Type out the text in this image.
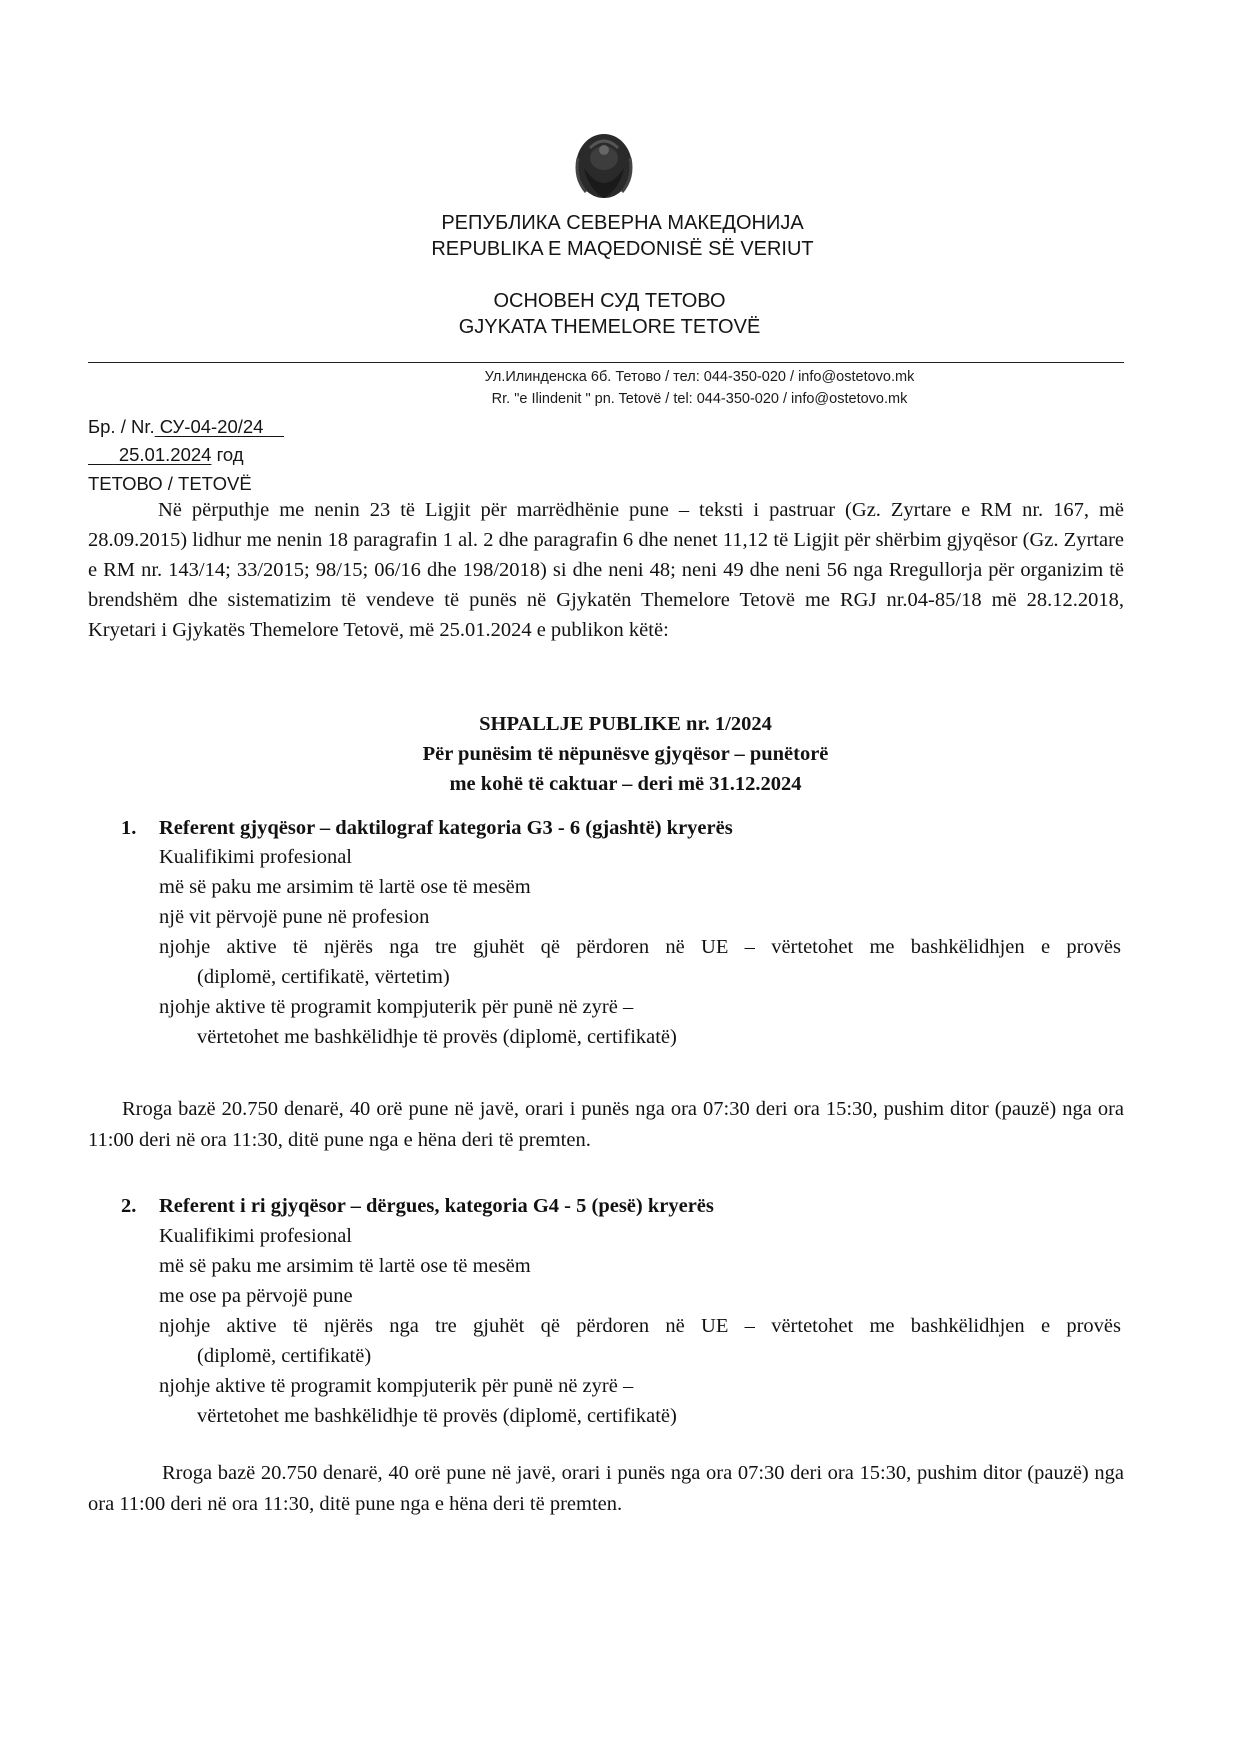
РЕПУБЛИКА СЕВЕРНА МАКЕДОНИЈА
REPUBLIKA E MAQEDONISË SË VERIUT
ОСНОВЕН СУД ТЕТОВО
GJYKATA THEMELORE TETOVË
Ул.Илинденска 6б. Тетово / тел: 044-350-020 / info@ostetovo.mk
Rr. "e Ilindenit " pn. Tetovë / tel: 044-350-020 / info@ostetovo.mk
Бр. / Nr. СУ-04-20/24
25.01.2024 год
ТЕТОВО / TETOVË
Në përputhje me nenin 23 të Ligjit për marrëdhënie pune – teksti i pastruar (Gz. Zyrtare e RM nr. 167, më 28.09.2015) lidhur me nenin 18 paragrafin 1 al. 2 dhe paragrafin 6 dhe nenet 11,12 të Ligjit për shërbim gjyqësor (Gz. Zyrtare e RM nr. 143/14; 33/2015; 98/15; 06/16 dhe 198/2018) si dhe neni 48; neni 49 dhe neni 56 nga Rregullorja për organizim të brendshëm dhe sistematizim të vendeve të punës në Gjykatën Themelore Tetovë me RGJ nr.04-85/18 më 28.12.2018, Kryetari i Gjykatës Themelore Tetovë, më 25.01.2024 e publikon këtë:
SHPALLJE PUBLIKE nr. 1/2024
Për punësim të nëpunësve gjyqësor – punëtorë
me kohë të caktuar – deri më 31.12.2024
1. Referent gjyqësor – daktilograf kategoria G3 - 6 (gjashtë) kryerës
Kualifikimi profesional
më së paku me arsimim të lartë ose të mesëm
një vit përvojë pune në profesion
njohje aktive të njërës nga tre gjuhët që përdoren në UE – vërtetohet me bashkëlidhjen e provës
(diplomë, certifikatë, vërtetim)
njohje aktive të programit kompjuterik për punë në zyrë –
vërtetohet me bashkëlidhje të provës (diplomë, certifikatë)
Rroga bazë 20.750 denarë, 40 orë pune në javë, orari i punës nga ora 07:30 deri ora 15:30, pushim ditor (pauzë) nga ora 11:00 deri në ora 11:30, ditë pune nga e hëna deri të premten.
2. Referent i ri gjyqësor – dërgues, kategoria G4 - 5 (pesë) kryerës
Kualifikimi profesional
më së paku me arsimim të lartë ose të mesëm
me ose pa përvojë pune
njohje aktive të njërës nga tre gjuhët që përdoren në UE – vërtetohet me bashkëlidhjen e provës
(diplomë, certifikatë)
njohje aktive të programit kompjuterik për punë në zyrë –
vërtetohet me bashkëlidhje të provës (diplomë, certifikatë)
Rroga bazë 20.750 denarë, 40 orë pune në javë, orari i punës nga ora 07:30 deri ora 15:30, pushim ditor (pauzë) nga ora 11:00 deri në ora 11:30, ditë pune nga e hëna deri të premten.
